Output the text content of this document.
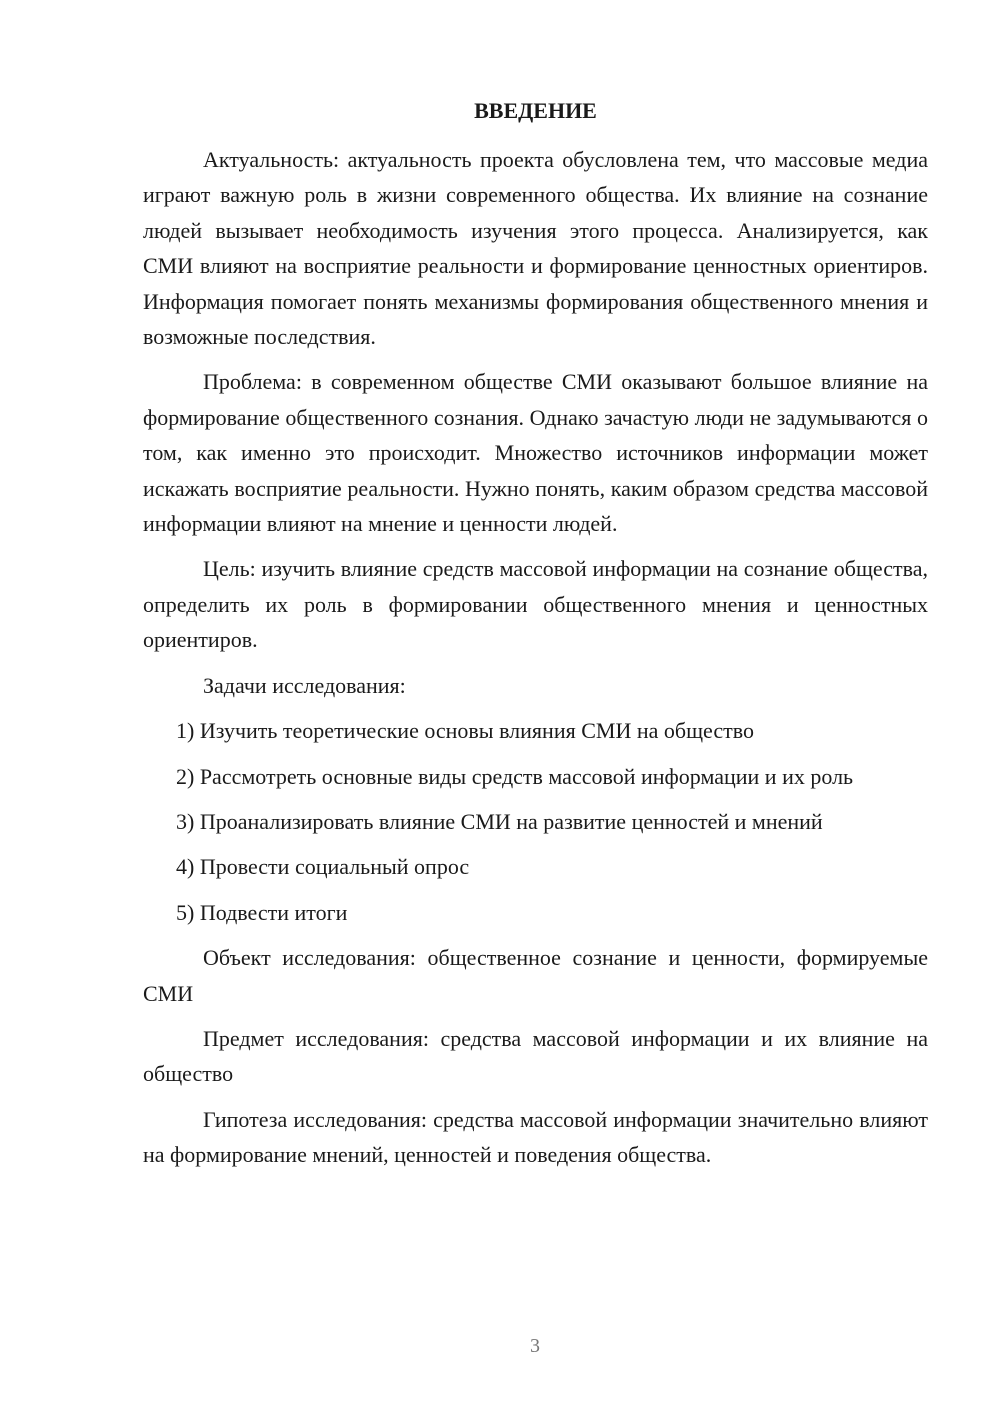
ВВЕДЕНИЕ

Актуальность: актуальность проекта обусловлена тем, что массовые медиа играют важную роль в жизни современного общества. Их влияние на сознание людей вызывает необходимость изучения этого процесса. Анализируется, как СМИ влияют на восприятие реальности и формирование ценностных ориентиров. Информация помогает понять механизмы формирования общественного мнения и возможные последствия.

Проблема: в современном обществе СМИ оказывают большое влияние на формирование общественного сознания. Однако зачастую люди не задумываются о том, как именно это происходит. Множество источников информации может искажать восприятие реальности. Нужно понять, каким образом средства массовой информации влияют на мнение и ценности людей.

Цель: изучить влияние средств массовой информации на сознание общества, определить их роль в формировании общественного мнения и ценностных ориентиров.

Задачи исследования:

1) Изучить теоретические основы влияния СМИ на общество

2) Рассмотреть основные виды средств массовой информации и их роль

3) Проанализировать влияние СМИ на развитие ценностей и мнений

4) Провести социальный опрос

5) Подвести итоги

Объект исследования: общественное сознание и ценности, формируемые СМИ

Предмет исследования: средства массовой информации и их влияние на общество

Гипотеза исследования: средства массовой информации значительно влияют на формирование мнений, ценностей и поведения общества.

3
